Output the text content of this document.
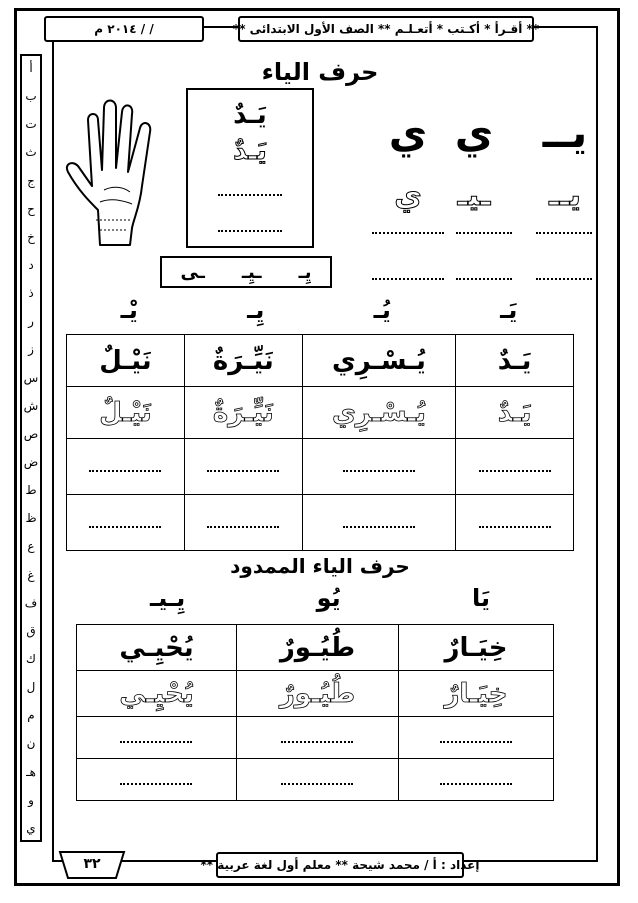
** أقـرأ * أكـتب * أتعـلـم ** الصف الأول الابتدائى **
/ / ٢٠١٤ م
أ
ب
ت
ث
ج
ح
خ
د
ذ
ر
ز
س
ش
ص
ض
ط
ظ
ع
غ
ف
ق
ك
ل
م
ن
هـ
و
ي
حرف الياء
يَـدٌ
يَـدٌ
يِـ
ـيِـ
ـى
يــ
ي
ي
يــ
ـيـ
ي
يَـ
يُـ
يِـ
يْـ
يَـدٌ	يُـسْـرِي	نَيِّـرَةٌ	نَيْـلٌ
يَـدٌ	يُـسْـرِي	نَيِّـرَةٌ	نَيْـلٌ

حرف الياء الممدود
يَا
يُو
يِـيـ
خِيَـارٌ	طُيُـورٌ	يُحْيِـي
خِيَـارٌ	طُيُـورٌ	يُحْيِـي

إعداد : أ / محمد شيحة ** معلم أول لغة عربية **
٣٢
